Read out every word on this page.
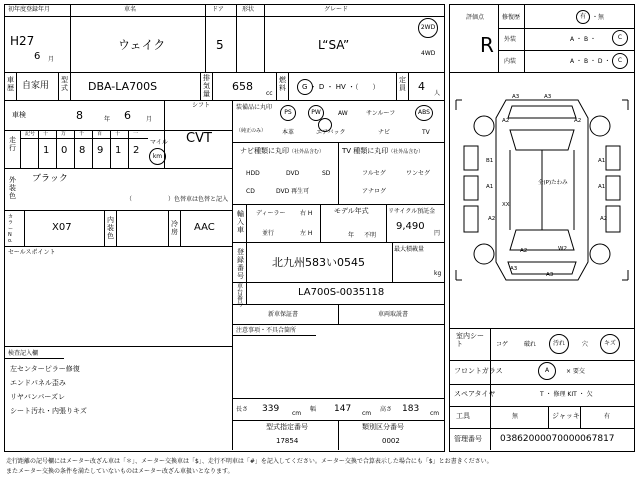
初年度登録年月	車名	ドア	形状	グレード
H27
6 月
ウェイク	5	L“SA”
2WD
4WD
車歴 自家用
型式 DBA-LA700S
排気量
658
cc
燃料 G ・ D ・ HV ・（　　）
定員 4
人
車検	8	年 6	月
走行
記号 十	万	千	百	十	一
1 0 8 9 1 2
マイル
km
シフト
CVT
外装色
ブラック
（　　　　　　）色替車は色替と記入
カラーNo.
X07
内装色
冷房 AAC
セールスポイント
検査記入欄
左センターピラー修復
エンドパネル歪み
リヤバンパーズレ
シート汚れ・内張りキズ
装備品に丸印
（純正のみ）
PS	PW	AW	サンルーフ	ABS
本革	エアバック	ナビ	TV
ナビ種類に丸印（社外品含む）
HDD	DVD	SD
CD	DVD 再生可
TV 種類に丸印（社外品含む）
フルセグ	ワンセグ
アナログ
輸入車
ディーラー
並行
右 H
左 H
モデル年式
年 不明
リサイクル預託金
9,490
円
登録番号
北九州583い0545
最大積載量
kg
車台番号
LA700S-0035118
新車保証書	車両取説書
注意事項・不具合箇所
長さ 339 cm
幅 147 cm
高さ 183 cm
型式指定番号
17854
類別区分番号
0002
評価点
R
修復歴	有	・無
外装	A ・ B ・	C
内装	A ・ B ・ D ・	C
A3	A3
A2	A2
B1
A1
XX
A1
A1
A2	A2
W2
A2
A3
A3
全(P)たわみ
室内シート	コゲ	破れ	汚れ	穴	キズ
フロントガラス	A	× 要交
スペアタイヤ	T ・ 修理 KIT ・ 欠
工具	無	ジャッキ	有
管理番号 03862000070000067817
走行距離の記号欄にはメーター改ざん車は「＊」、メーター交換車は「$」、走行不明車は「#」を記入してください。メーター交換で合算表示した場合にも「$」とお書きください。
またメーター交換の条件を満たしていないものはメーター改ざん車扱いとなります。
